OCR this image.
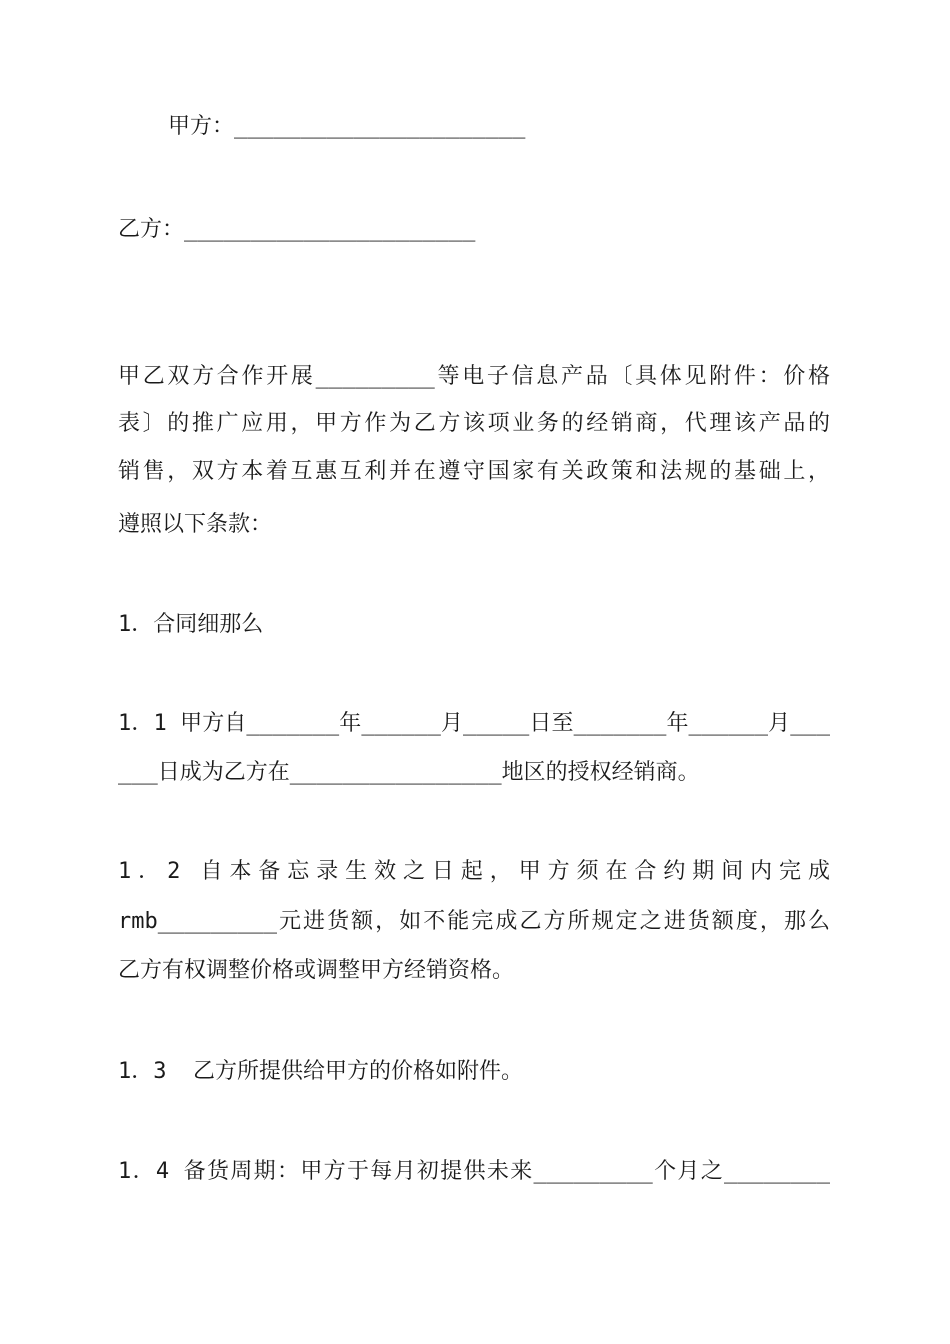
甲方：______________________
乙方：______________________
甲乙双方合作开展_________等电子信息产品〔具体见附件：价格
表〕的推广应用，甲方作为乙方该项业务的经销商，代理该产品的
销售，双方本着互惠互利并在遵守国家有关政策和法规的基础上，
遵照以下条款：
1．合同细那么
1．1 甲方自_______年______月_____日至_______年______月___
___日成为乙方在________________地区的授权经销商。
1．2 自本备忘录生效之日起，甲方须在合约期间内完成
rmb_________元进货额，如不能完成乙方所规定之进货额度，那么
乙方有权调整价格或调整甲方经销资格。
1．3  乙方所提供给甲方的价格如附件。
1．4 备货周期：甲方于每月初提供未来_________个月之________
